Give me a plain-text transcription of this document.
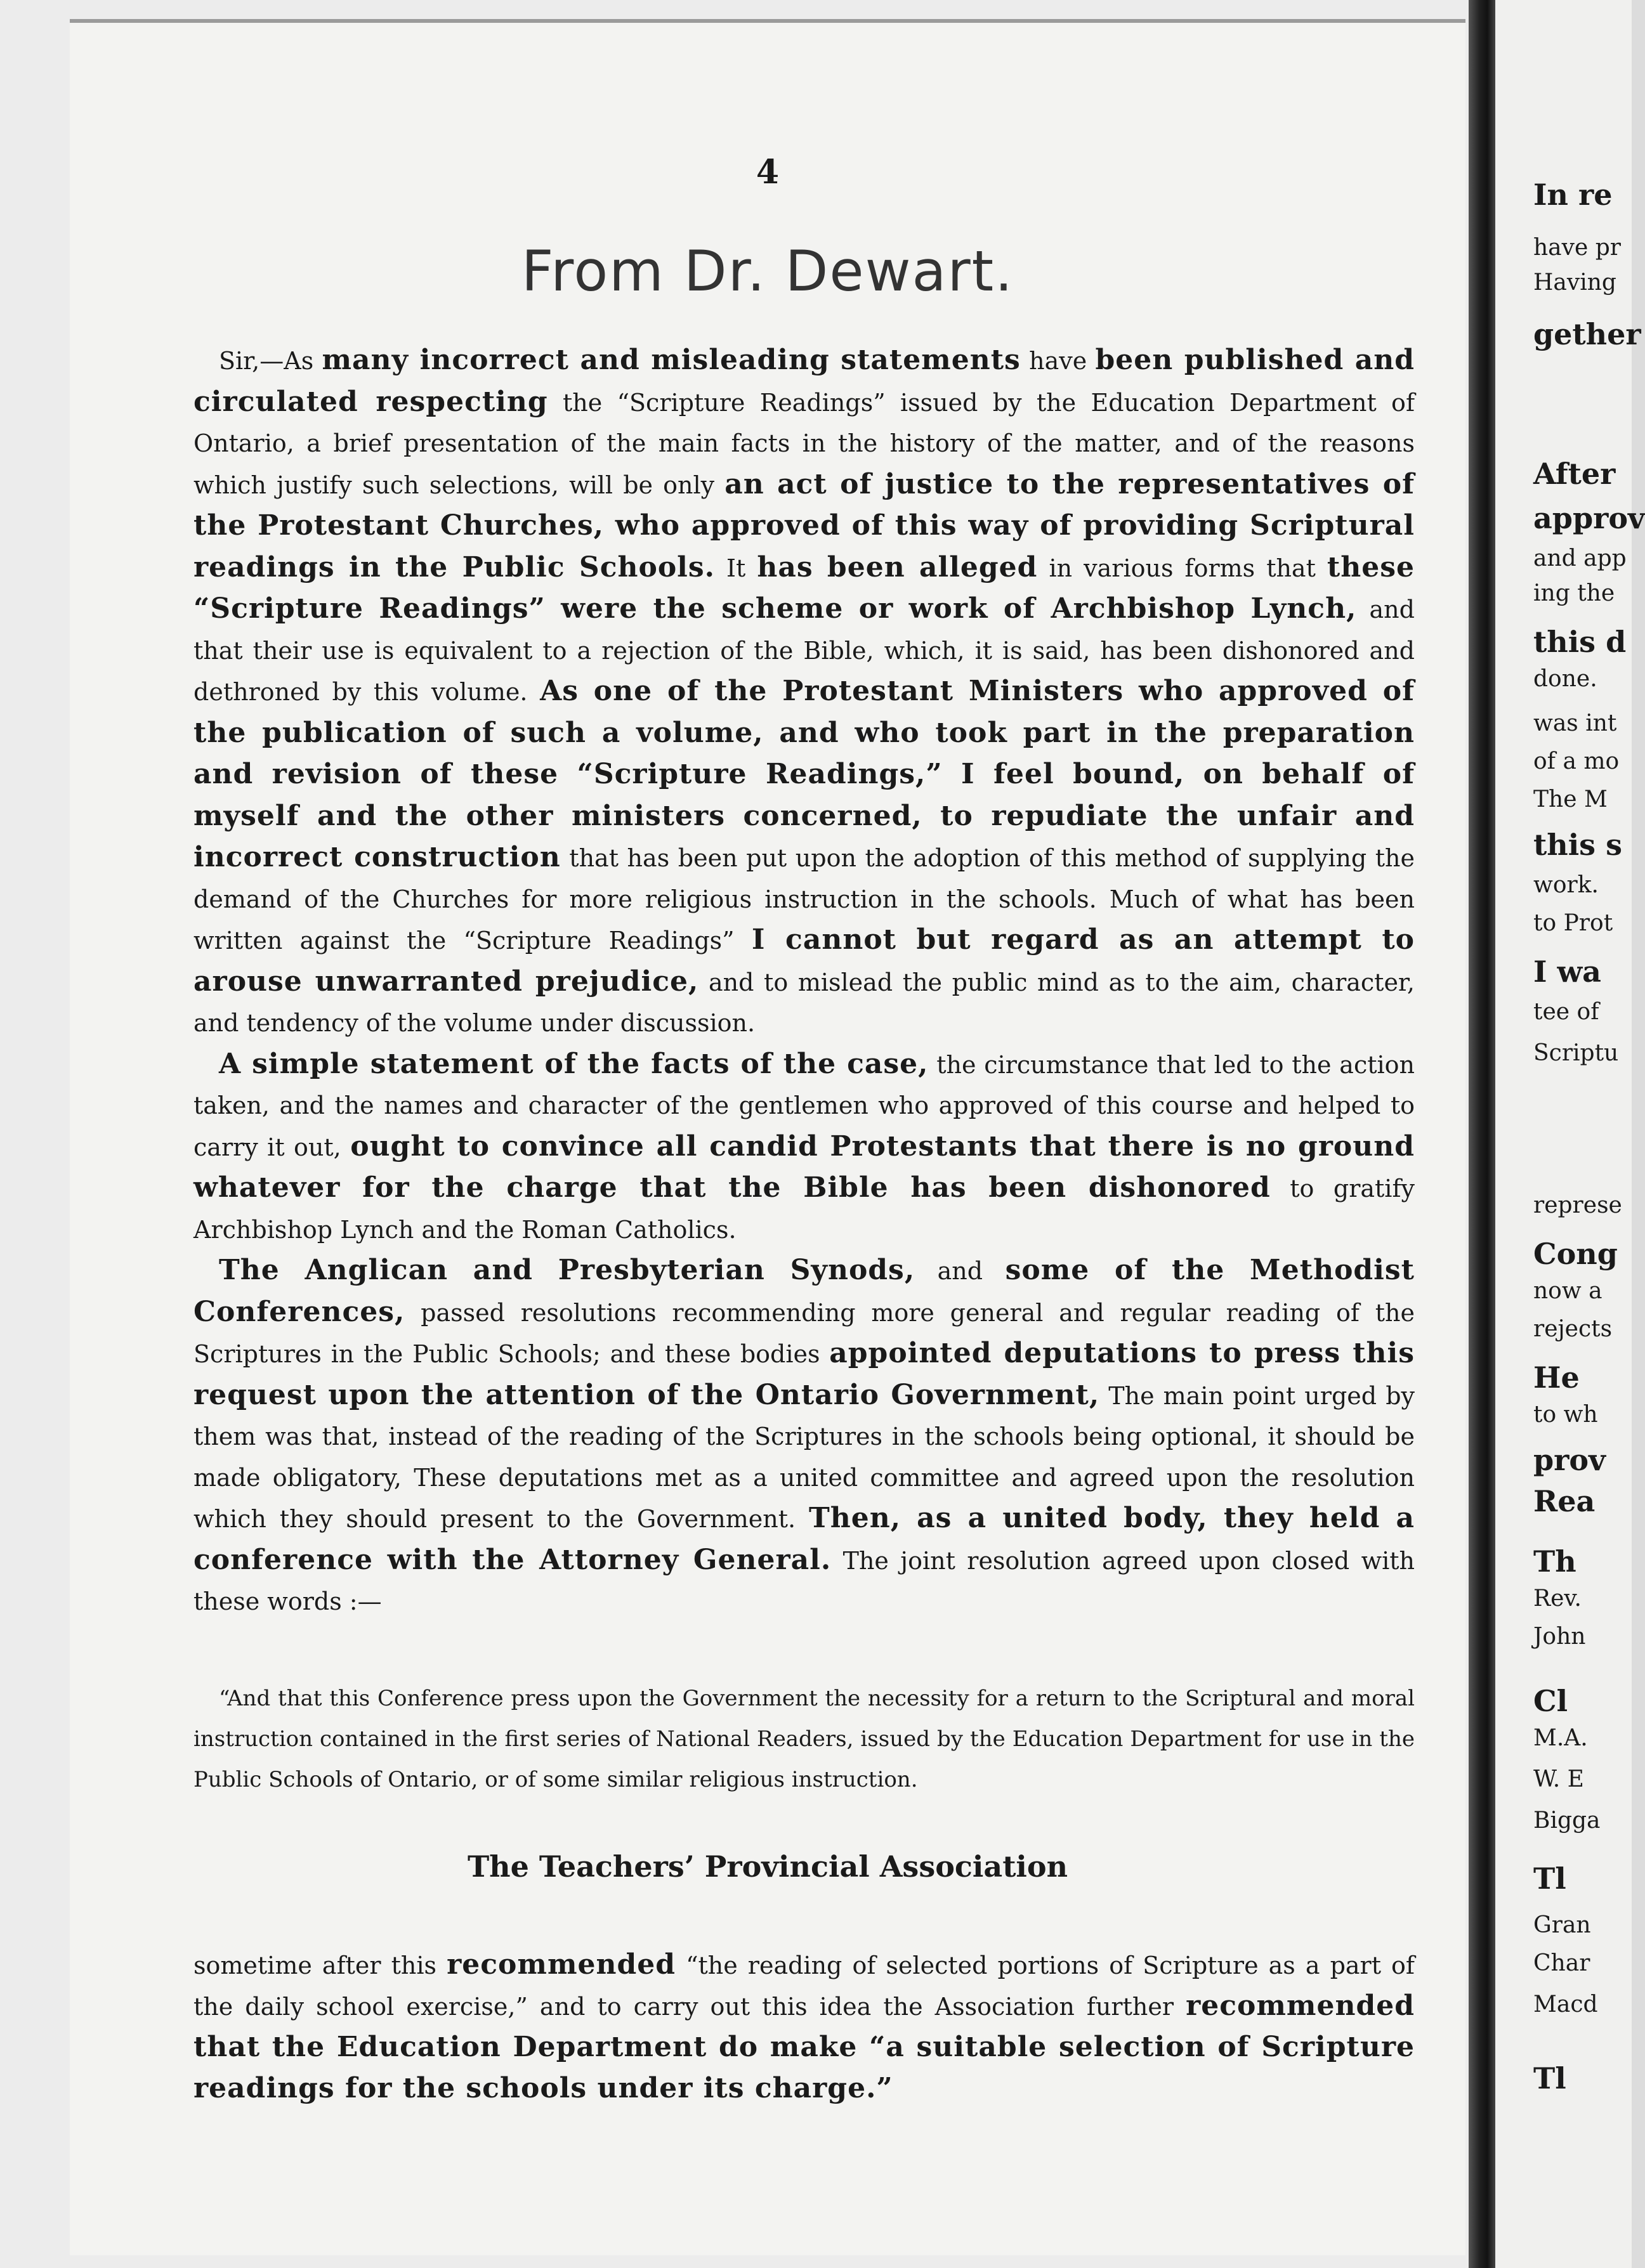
4
From Dr. Dewart.

Sir,—As many incorrect and misleading statements have been published and circulated respecting the “Scripture Readings” issued by the Education Department of Ontario, a brief presentation of the main facts in the history of the matter, and of the reasons which justify such selections, will be only an act of justice to the representatives of the Protestant Churches, who approved of this way of providing Scriptural readings in the Public Schools. It has been alleged in various forms that these “Scripture Readings” were the scheme or work of Archbishop Lynch, and that their use is equivalent to a rejection of the Bible, which, it is said, has been dishonored and dethroned by this volume. As one of the Protestant Ministers who approved of the publication of such a volume, and who took part in the preparation and revision of these “Scripture Readings,” I feel bound, on behalf of myself and the other ministers concerned, to repudiate the unfair and incorrect construction that has been put upon the adoption of this method of supplying the demand of the Churches for more religious instruction in the schools. Much of what has been written against the “Scripture Readings” I cannot but regard as an attempt to arouse unwarranted prejudice, and to mislead the public mind as to the aim, character, and tendency of the volume under discussion.

A simple statement of the facts of the case, the circumstance that led to the action taken, and the names and character of the gentlemen who approved of this course and helped to carry it out, ought to convince all candid Protestants that there is no ground whatever for the charge that the Bible has been dishonored to gratify Archbishop Lynch and the Roman Catholics.

The Anglican and Presbyterian Synods, and some of the Methodist Conferences, passed resolutions recommending more general and regular reading of the Scriptures in the Public Schools; and these bodies appointed deputations to press this request upon the attention of the Ontario Government, The main point urged by them was that, instead of the reading of the Scriptures in the schools being optional, it should be made obligatory, These deputations met as a united committee and agreed upon the resolution which they should present to the Government. Then, as a united body, they held a conference with the Attorney General. The joint resolution agreed upon closed with these words :—

“And that this Conference press upon the Government the necessity for a return to the Scriptural and moral instruction contained in the first series of National Readers, issued by the Education Department for use in the Public Schools of Ontario, or of some similar religious instruction.
The Teachers’ Provincial Association

sometime after this recommended “the reading of selected portions of Scripture as a part of the daily school exercise,” and to carry out this idea the Association further recommended that the Education Department do make “a suitable selection of Scripture readings for the schools under its charge.”

In re
have pr
Having
gether
After
approv
and app
ing the
this d
done.
was int
of a mo
The M
this s
work.
to Prot
I wa
tee of
Scriptu
represe
Cong
now a
rejects
He
to wh
prov
Rea
Th
Rev.
John
Cl
M.A.
W. E
Bigga
Tl
Gran
Char
Macd
Tl
